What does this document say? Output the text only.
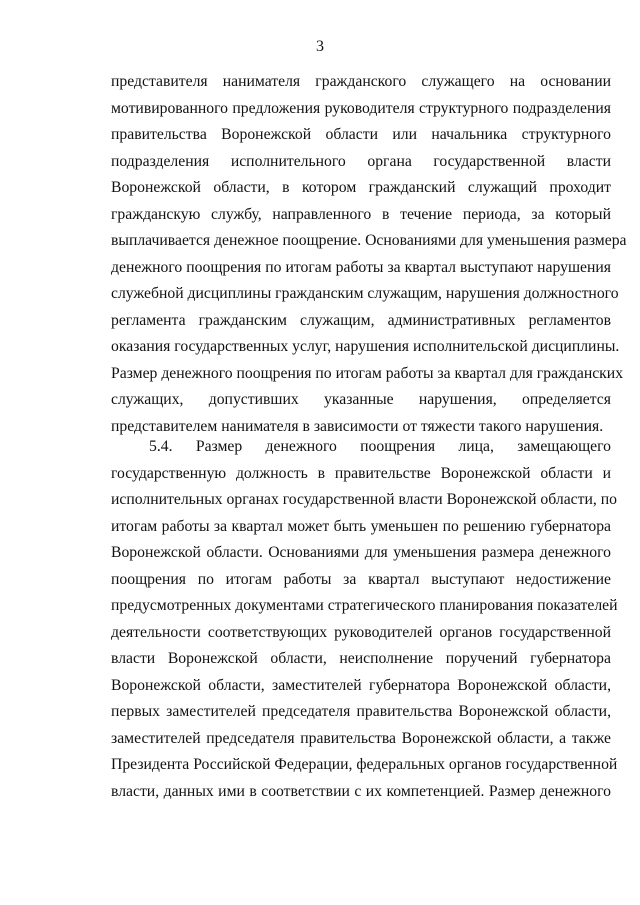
3
представителя нанимателя гражданского служащего на основании
мотивированного предложения руководителя структурного подразделения
правительства Воронежской области или начальника структурного
подразделения исполнительного органа государственной власти
Воронежской области, в котором гражданский служащий проходит
гражданскую службу, направленного в течение периода, за который
выплачивается денежное поощрение. Основаниями для уменьшения размера
денежного поощрения по итогам работы за квартал выступают нарушения
служебной дисциплины гражданским служащим, нарушения должностного
регламента гражданским служащим, административных регламентов
оказания государственных услуг, нарушения исполнительской дисциплины.
Размер денежного поощрения по итогам работы за квартал для гражданских
служащих, допустивших указанные нарушения, определяется
представителем нанимателя в зависимости от тяжести такого нарушения.
5.4. Размер денежного поощрения лица, замещающего
государственную должность в правительстве Воронежской области и
исполнительных органах государственной власти Воронежской области, по
итогам работы за квартал может быть уменьшен по решению губернатора
Воронежской области. Основаниями для уменьшения размера денежного
поощрения по итогам работы за квартал выступают недостижение
предусмотренных документами стратегического планирования показателей
деятельности соответствующих руководителей органов государственной
власти Воронежской области, неисполнение поручений губернатора
Воронежской области, заместителей губернатора Воронежской области,
первых заместителей председателя правительства Воронежской области,
заместителей председателя правительства Воронежской области, а также
Президента Российской Федерации, федеральных органов государственной
власти, данных ими в соответствии с их компетенцией. Размер денежного
